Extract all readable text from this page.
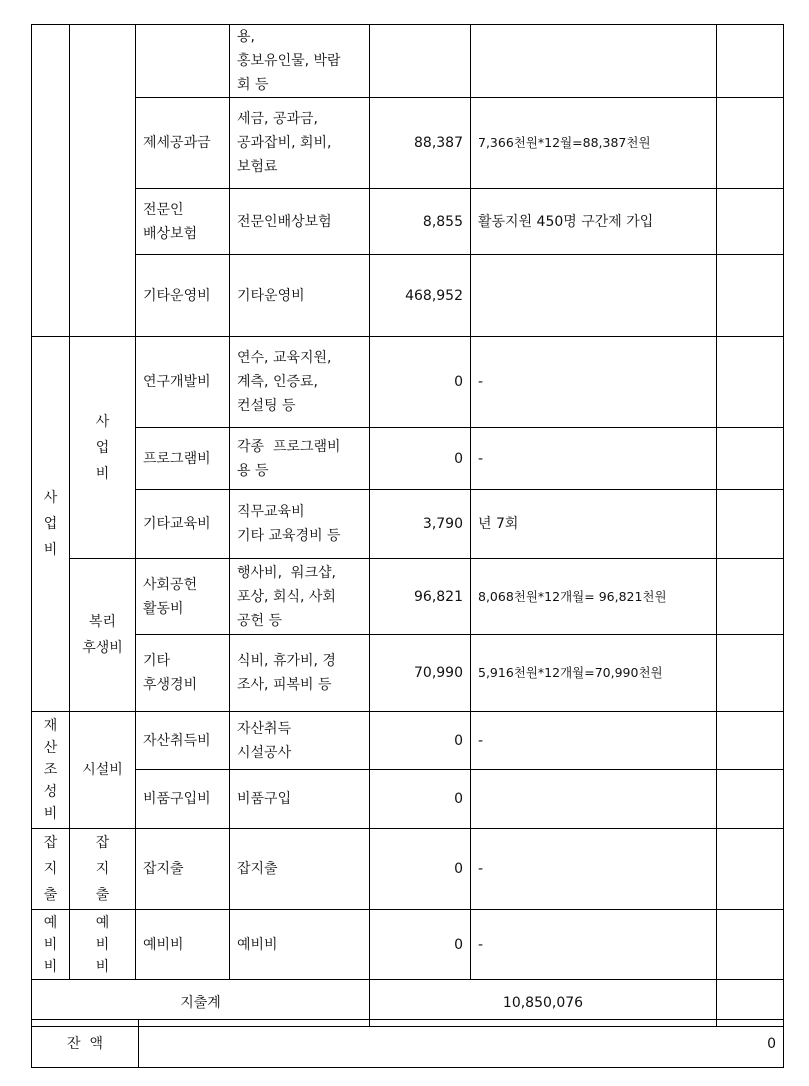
			용,
홍보유인물, 박람
회 등			

		제세공과금	세금, 공과금,
공과잡비, 회비,
보험료	88,387	7,366천원*12월=88,387천원	

		전문인
배상보험	전문인배상보험	8,855	활동지원 450명 구간제 가입	
		기타운영비	기타운영비	468,952		

사
업
비	사
업
비	연구개발비	연수, 교육지원,
계측, 인증료,
컨설팅 등	0	-	
		프로그램비	각종  프로그램비
용 등	0	-	
		기타교육비	직무교육비
기타 교육경비 등	3,790	년 7회	

	복리
후생비	사회공헌
활동비	행사비,  워크샵,
포상, 회식, 사회
공헌 등	96,821	8,068천원*12개월= 96,821천원	

		기타
후생경비	식비, 휴가비, 경
조사, 피복비 등	70,990	5,916천원*12개월=70,990천원	

재
산
조
성
비	시설비	자산취득비	자산취득
시설공사	0	-	
		비품구입비	비품구입	0		

잡
지
출	잡
지
출	잡지출	잡지출	0	-	

예
비
비	예
비
비	예비비	예비비	0	-	
지출계				10,850,076		
잔  액	0
